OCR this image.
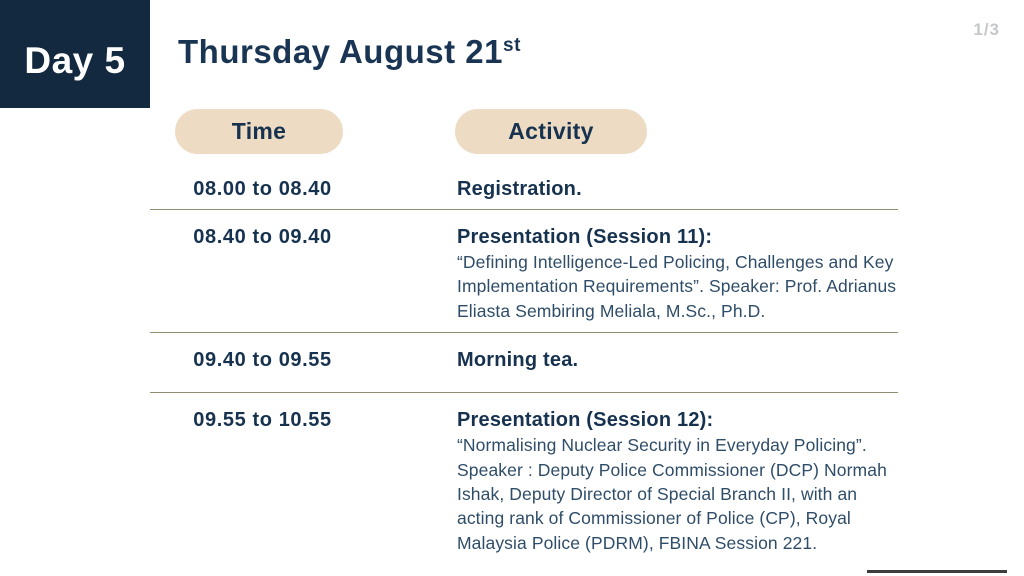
Day 5 Thursday August 21st
1/3
Time	Activity
08.00 to 08.40	Registration.
08.40 to 09.40	Presentation (Session 11):
“Defining Intelligence-Led Policing, Challenges and Key Implementation Requirements”. Speaker: Prof. Adrianus Eliasta Sembiring Meliala, M.Sc., Ph.D.
09.40 to 09.55	Morning tea.
09.55 to 10.55	Presentation (Session 12):
“Normalising Nuclear Security in Everyday Policing”. Speaker : Deputy Police Commissioner (DCP) Normah Ishak, Deputy Director of Special Branch II, with an acting rank of Commissioner of Police (CP), Royal Malaysia Police (PDRM), FBINA Session 221.
